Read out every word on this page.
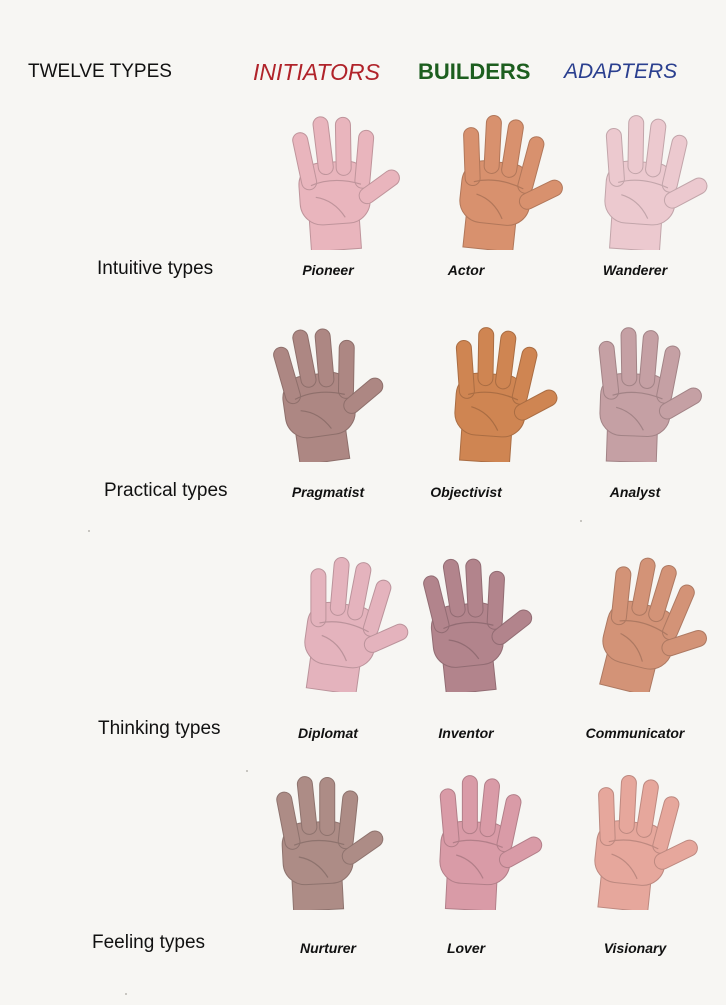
TWELVE TYPES	INITIATORS BUILDERS ADAPTERS
Intuitive types	Pioneer	Actor	Wanderer
Practical types	Pragmatist	Objectivist	Analyst
Thinking types	Diplomat	Inventor	Communicator
Feeling types	Nurturer	Lover	Visionary
